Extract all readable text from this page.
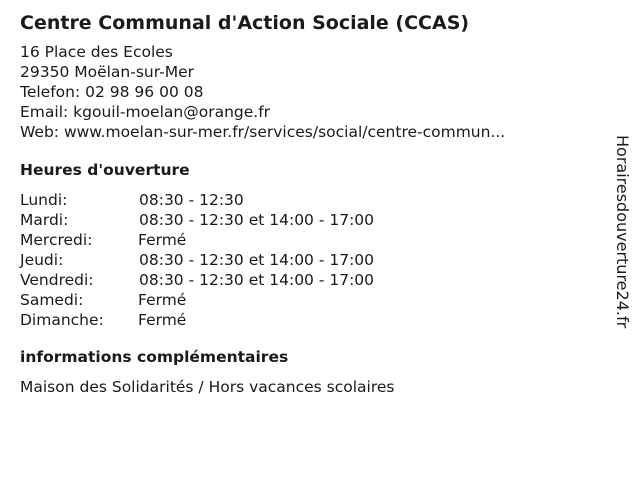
Centre Communal d'Action Sociale (CCAS)
16 Place des Ecoles
29350 Moëlan-sur-Mer
Telefon: 02 98 96 00 08
Email: kgouil-moelan@orange.fr
Web: www.moelan-sur-mer.fr/services/social/centre-commun...
Heures d'ouverture
Lundi:	08:30 - 12:30
Mardi:	08:30 - 12:30 et 14:00 - 17:00
Mercredi:	Fermé
Jeudi:	08:30 - 12:30 et 14:00 - 17:00
Vendredi:	08:30 - 12:30 et 14:00 - 17:00
Samedi:	Fermé
Dimanche: Fermé
informations complémentaires
Maison des Solidarités / Hors vacances scolaires
Horairesdouverture24.fr
